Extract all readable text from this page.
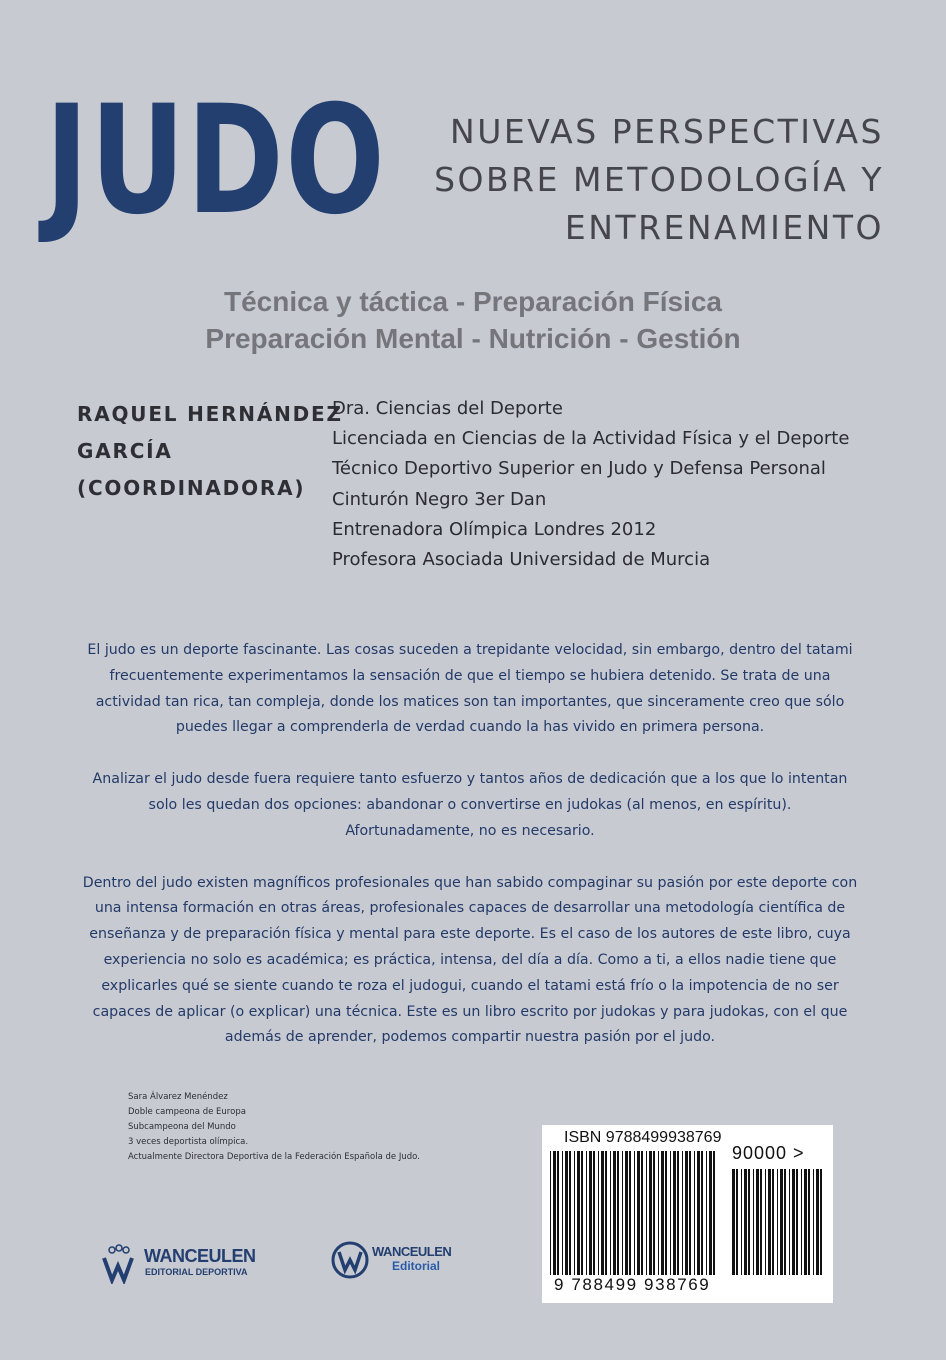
JUDO	NUEVAS PERSPECTIVAS
SOBRE METODOLOGÍA Y
ENTRENAMIENTO
Técnica y táctica - Preparación Física
Preparación Mental - Nutrición - Gestión
RAQUEL HERNÁNDEZ
GARCÍA
(COORDINADORA)
Dra. Ciencias del Deporte
Licenciada en Ciencias de la Actividad Física y el Deporte
Técnico Deportivo Superior en Judo y Defensa Personal
Cinturón Negro 3er Dan
Entrenadora Olímpica Londres 2012
Profesora Asociada Universidad de Murcia

El judo es un deporte fascinante. Las cosas suceden a trepidante velocidad, sin embargo, dentro del tatami frecuentemente experimentamos la sensación de que el tiempo se hubiera detenido. Se trata de una actividad tan rica, tan compleja, donde los matices son tan importantes, que sinceramente creo que sólo puedes llegar a comprenderla de verdad cuando la has vivido en primera persona.

Analizar el judo desde fuera requiere tanto esfuerzo y tantos años de dedicación que a los que lo intentan solo les quedan dos opciones: abandonar o convertirse en judokas (al menos, en espíritu). Afortunadamente, no es necesario.

Dentro del judo existen magníficos profesionales que han sabido compaginar su pasión por este deporte con una intensa formación en otras áreas, profesionales capaces de desarrollar una metodología científica de enseñanza y de preparación física y mental para este deporte. Es el caso de los autores de este libro, cuya experiencia no solo es académica; es práctica, intensa, del día a día. Como a ti, a ellos nadie tiene que explicarles qué se siente cuando te roza el judogui, cuando el tatami está frío o la impotencia de no ser capaces de aplicar (o explicar) una técnica. Este es un libro escrito por judokas y para judokas, con el que además de aprender, podemos compartir nuestra pasión por el judo.

Sara Álvarez Menéndez
Doble campeona de Europa
Subcampeona del Mundo
3 veces deportista olímpica.
Actualmente Directora Deportiva de la Federación Española de Judo.
ISBN 9788499938769
90000 >
9 788499 938769
WANCEULEN
EDITORIAL DEPORTIVA
WANCEULEN
Editorial
